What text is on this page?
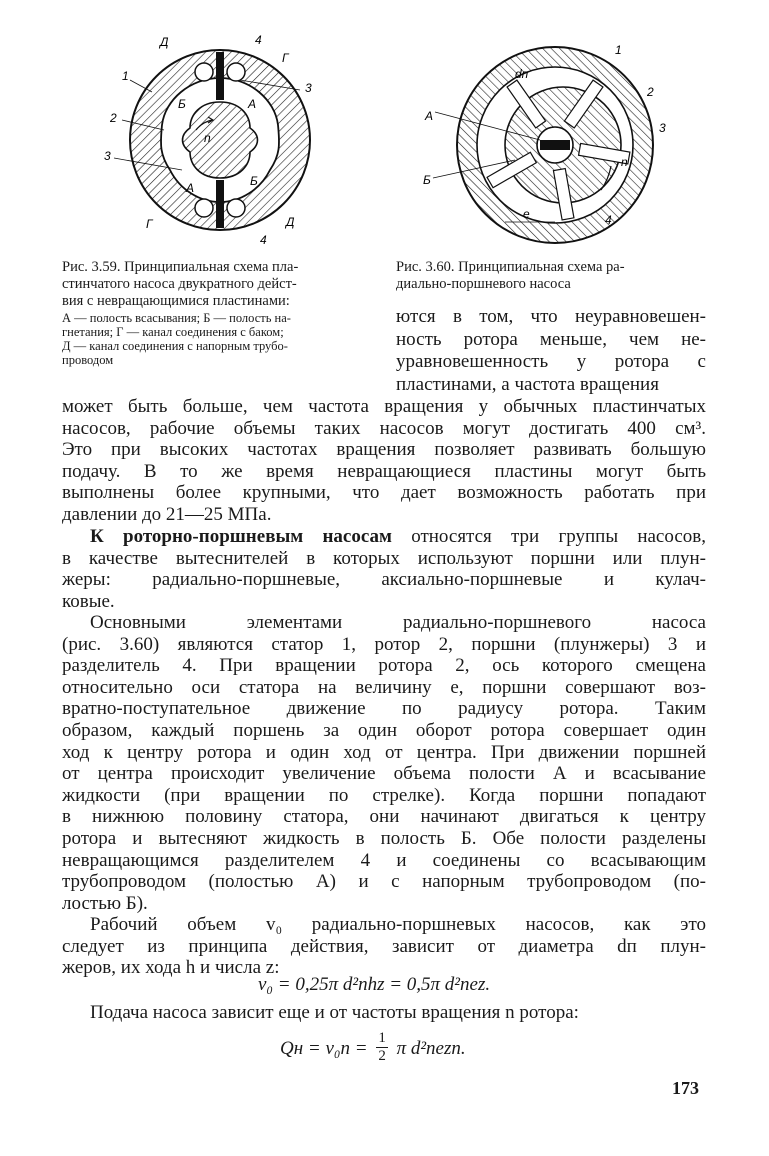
Д	4
Г
1
3
Б	А
2
n
3
А	Б
Г	Д
4
dп
1
2
А
3
Б
n
e	4
Рис. 3.59. Принципиальная схема пла-
стинчатого насоса двукратного дейст-
вия с невращающимися пластинами:
А — полость всасывания; Б — полость на-
гнетания; Г — канал соединения с баком;
Д — канал соединения с напорным трубо-
проводом
Рис. 3.60. Принципиальная схема ра-
диально-поршневого насоса
ются в том, что неуравновешен-
ность ротора меньше, чем не-
уравновешенность у ротора с
пластинами, а частота вращения
может быть больше, чем частота вращения у обычных пластинчатых
насосов, рабочие объемы таких насосов могут достигать 400 см³.
Это при высоких частотах вращения позволяет развивать большую
подачу. В то же время невращающиеся пластины могут быть
выполнены более крупными, что дает возможность работать при
давлении до 21—25 МПа.
К роторно-поршневым насосам относятся три группы насосов,
в качестве вытеснителей в которых используют поршни или плун-
жеры: радиально-поршневые, аксиально-поршневые и кулач-
ковые.
Основными элементами радиально-поршневого насоса
(рис. 3.60) являются статор 1, ротор 2, поршни (плунжеры) 3 и
разделитель 4. При вращении ротора 2, ось которого смещена
относительно оси статора на величину e, поршни совершают воз-
вратно-поступательное движение по радиусу ротора. Таким
образом, каждый поршень за один оборот ротора совершает один
ход к центру ротора и один ход от центра. При движении поршней
от центра происходит увеличение объема полости А и всасывание
жидкости (при вращении по стрелке). Когда поршни попадают
в нижнюю половину статора, они начинают двигаться к центру
ротора и вытесняют жидкость в полость Б. Обе полости разделены
невращающимся разделителем 4 и соединены со всасывающим
трубопроводом (полостью А) и с напорным трубопроводом (по-
лостью Б).
Рабочий объем v₀ радиально-поршневых насосов, как это
следует из принципа действия, зависит от диаметра dп плун-
жеров, их хода h и числа z:
v₀ = 0,25π d²пhz = 0,5π d²пez.
Подача насоса зависит еще и от частоты вращения n ротора:
Qн = $v_0n = \frac{1}{2}$ π d²пezn.
173
